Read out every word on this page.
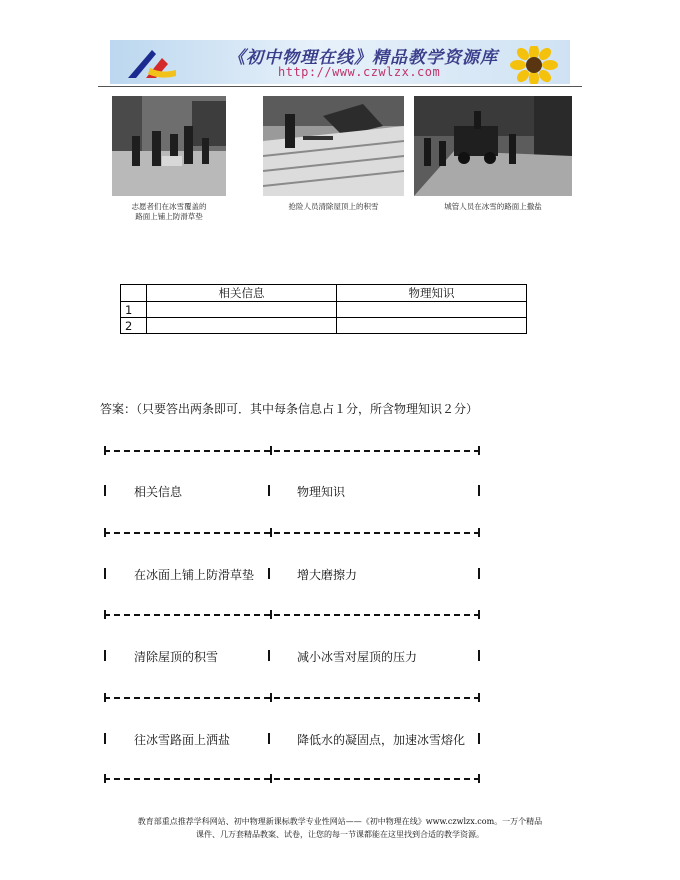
《初中物理在线》精品教学资源库
http://www.czwlzx.com
志愿者们在冰雪覆盖的
路面上铺上防滑草垫
抢险人员清除屋顶上的积雪	城管人员在冰雪的路面上撒盐
	相关信息	物理知识
1		
2		
答案：（只要答出两条即可．其中每条信息占１分，所含物理知识２分）
相关信息	物理知识
在冰面上铺上防滑草垫	增大磨擦力
清除屋顶的积雪	减小冰雪对屋顶的压力
往冰雪路面上洒盐	降低水的凝固点，加速冰雪熔化
教育部重点推荐学科网站、初中物理新课标教学专业性网站——《初中物理在线》www.czwlzx.com。一万个精品
课件、几万套精品教案、试卷，让您的每一节课都能在这里找到合适的教学资源。
